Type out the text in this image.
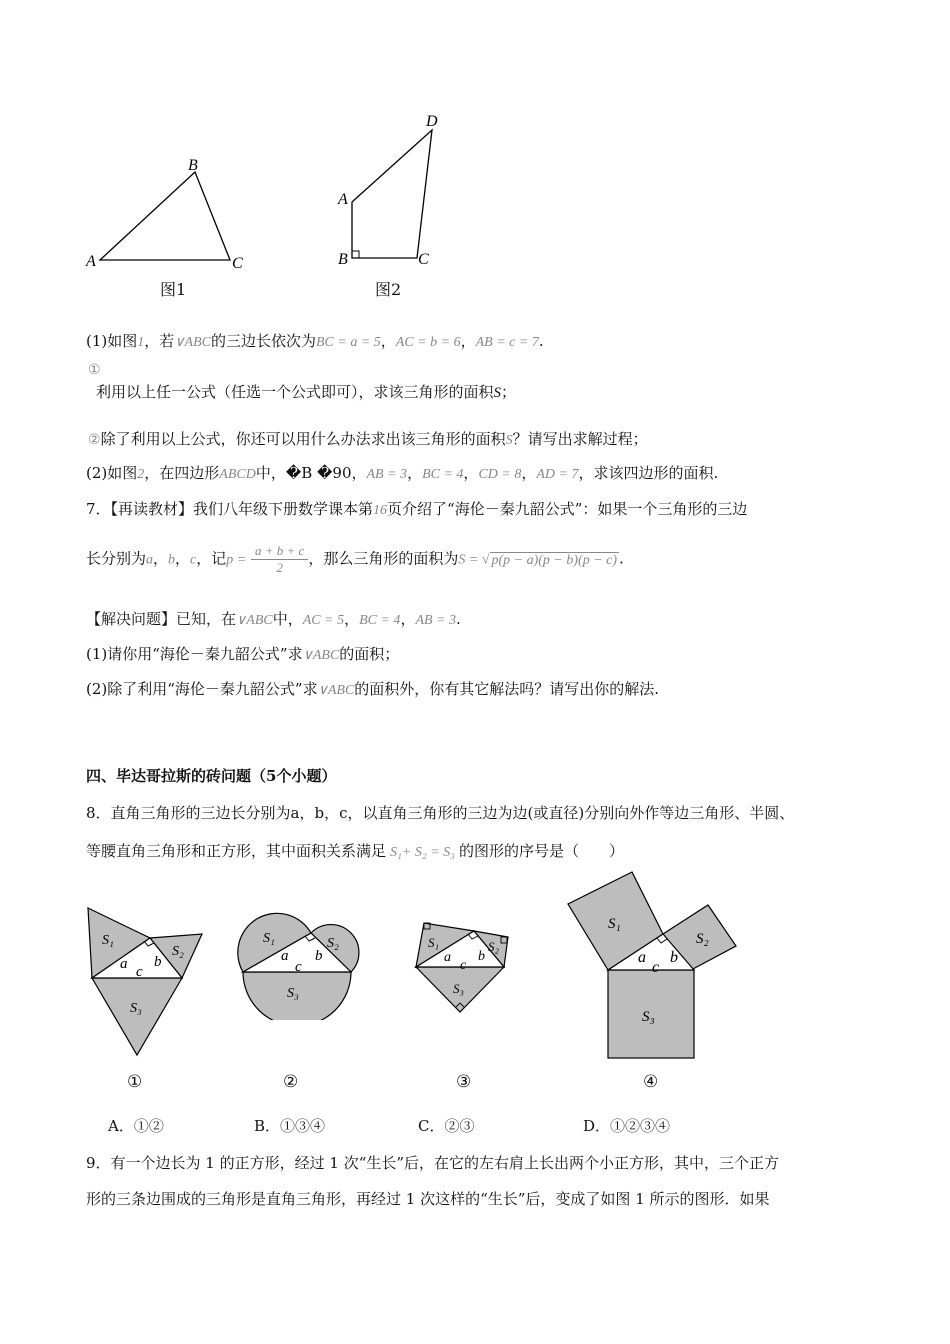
A
B
C
图1
A
B	C
D
图2
(1)如图1，若∨ABC的三边长依次为BC = a = 5，AC = b = 6，AB = c = 7.
①
利用以上任一公式（任选一个公式即可），求该三角形的面积S；
②除了利用以上公式，你还可以用什么办法求出该三角形的面积S？请写出求解过程；
(2)如图2，在四边形ABCD中，�B �90，AB = 3，BC = 4，CD = 8，AD = 7，求该四边形的面积.
7．【再读教材】我们八年级下册数学课本第16页介绍了“海伦－秦九韶公式”：如果一个三角形的三边
长分别为a，b，c，记$p = \frac{a + b + c}{2}$ ，那么三角形的面积为S = √ p(p − a)(p − b)(p − c) .
【解决问题】已知，在∨ABC中，AC = 5，BC = 4，AB = 3.
(1)请你用“海伦－秦九韶公式”求∨ABC的面积；
(2)除了利用“海伦－秦九韶公式”求∨ABC的面积外，你有其它解法吗？请写出你的解法.
四、毕达哥拉斯的砖问题（5个小题）
8．直角三角形的三边长分别为a，b，c，以直角三角形的三边为边(或直径)分别向外作等边三角形、半圆、
等腰直角三角形和正方形，其中面积关系满足 S₁+ S₂ = S₃ 的图形的序号是（　　）
S₁
S₂
S₃
a b
c
①
S₁	S₂
S₃
a b
c
②
S₁	S₂
S₃
a b
c
③
S₁
S₂
S₃
a b
c
④
A．①②	B．①③④	C．②③	D．①②③④
9．有一个边长为 1 的正方形，经过 1 次“生长”后，在它的左右肩上长出两个小正方形，其中，三个正方
形的三条边围成的三角形是直角三角形，再经过 1 次这样的“生长”后，变成了如图 1 所示的图形．如果
